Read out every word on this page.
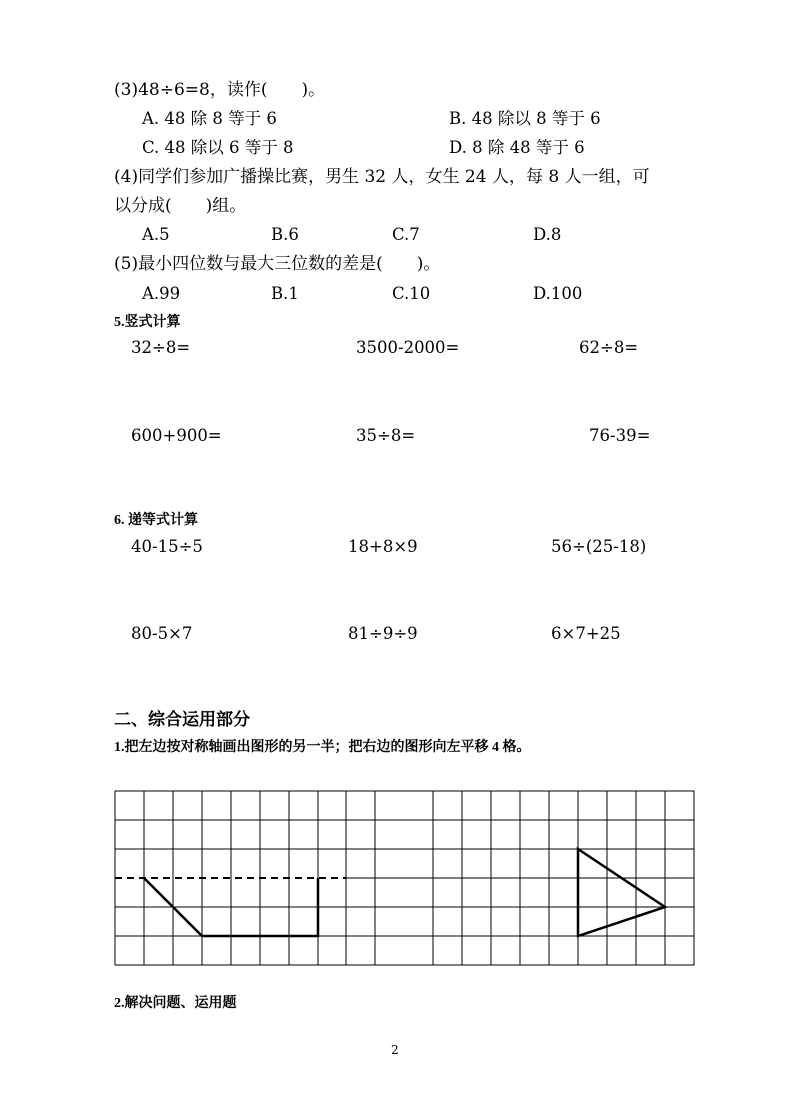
(3)48÷6=8，读作(　　)。
A. 48 除 8 等于 6	B. 48 除以 8 等于 6
C. 48 除以 6 等于 8	D. 8 除 48 等于 6
(4)同学们参加广播操比赛，男生 32 人，女生 24 人，每 8 人一组，可
以分成(　　)组。
A.5	B.6	C.7	D.8
(5)最小四位数与最大三位数的差是(　　)。
A.99	B.1	C.10	D.100
5.竖式计算
32÷8=	3500-2000=	62÷8=
600+900=	35÷8=	76-39=
6. 递等式计算
40-15÷5	18+8×9	56÷(25-18)
80-5×7	81÷9÷9	6×7+25
二、综合运用部分
1.把左边按对称轴画出图形的另一半；把右边的图形向左平移 4 格。
2.解决问题、运用题
2
